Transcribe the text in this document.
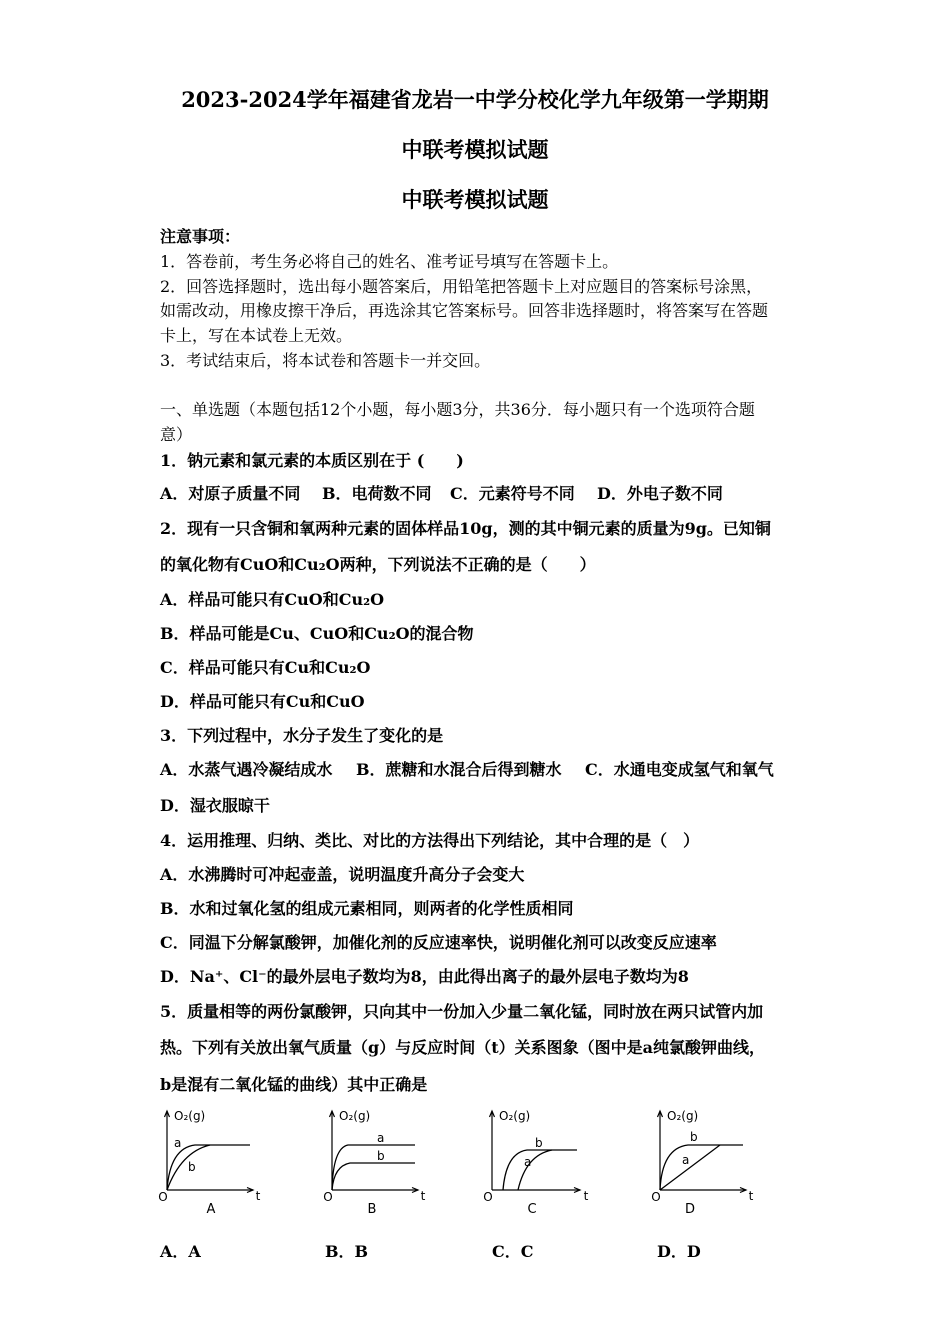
2023-2024学年福建省龙岩一中学分校化学九年级第一学期期
中联考模拟试题
中联考模拟试题
注意事项：
1．答卷前，考生务必将自己的姓名、准考证号填写在答题卡上。
2．回答选择题时，选出每小题答案后，用铅笔把答题卡上对应题目的答案标号涂黑，
如需改动，用橡皮擦干净后，再选涂其它答案标号。回答非选择题时，将答案写在答题
卡上，写在本试卷上无效。
3．考试结束后，将本试卷和答题卡一并交回。
一、单选题（本题包括12个小题，每小题3分，共36分．每小题只有一个选项符合题
意）
1．钠元素和氯元素的本质区别在于 (　　)
A．对原子质量不同 B．电荷数不同 C．元素符号不同 D．外电子数不同
2．现有一只含铜和氧两种元素的固体样品10g，测的其中铜元素的质量为9g。已知铜
的氧化物有CuO和Cu₂O两种，下列说法不正确的是（　　）
A．样品可能只有CuO和Cu₂O
B．样品可能是Cu、CuO和Cu₂O的混合物
C．样品可能只有Cu和Cu₂O
D．样品可能只有Cu和CuO
3．下列过程中，水分子发生了变化的是
A．水蒸气遇冷凝结成水 B．蔗糖和水混合后得到糖水 C．水通电变成氢气和氧气
D．湿衣服晾干
4．运用推理、归纳、类比、对比的方法得出下列结论，其中合理的是（　）
A．水沸腾时可冲起壶盖，说明温度升高分子会变大
B．水和过氧化氢的组成元素相同，则两者的化学性质相同
C．同温下分解氯酸钾，加催化剂的反应速率快，说明催化剂可以改变反应速率
D．Na⁺、Cl⁻的最外层电子数均为8，由此得出离子的最外层电子数均为8
5．质量相等的两份氯酸钾，只向其中一份加入少量二氧化锰，同时放在两只试管内加
热。下列有关放出氧气质量（g）与反应时间（t）关系图象（图中是a纯氯酸钾曲线，
b是混有二氧化锰的曲线）其中正确是
O₂(g)
O	t
a
b
A
O₂(g)
O	t
a
b
B
O₂(g)
O	t
a
b
C
O₂(g)
O	t
a
b
D
A．A	B．B	C．C	D．D
